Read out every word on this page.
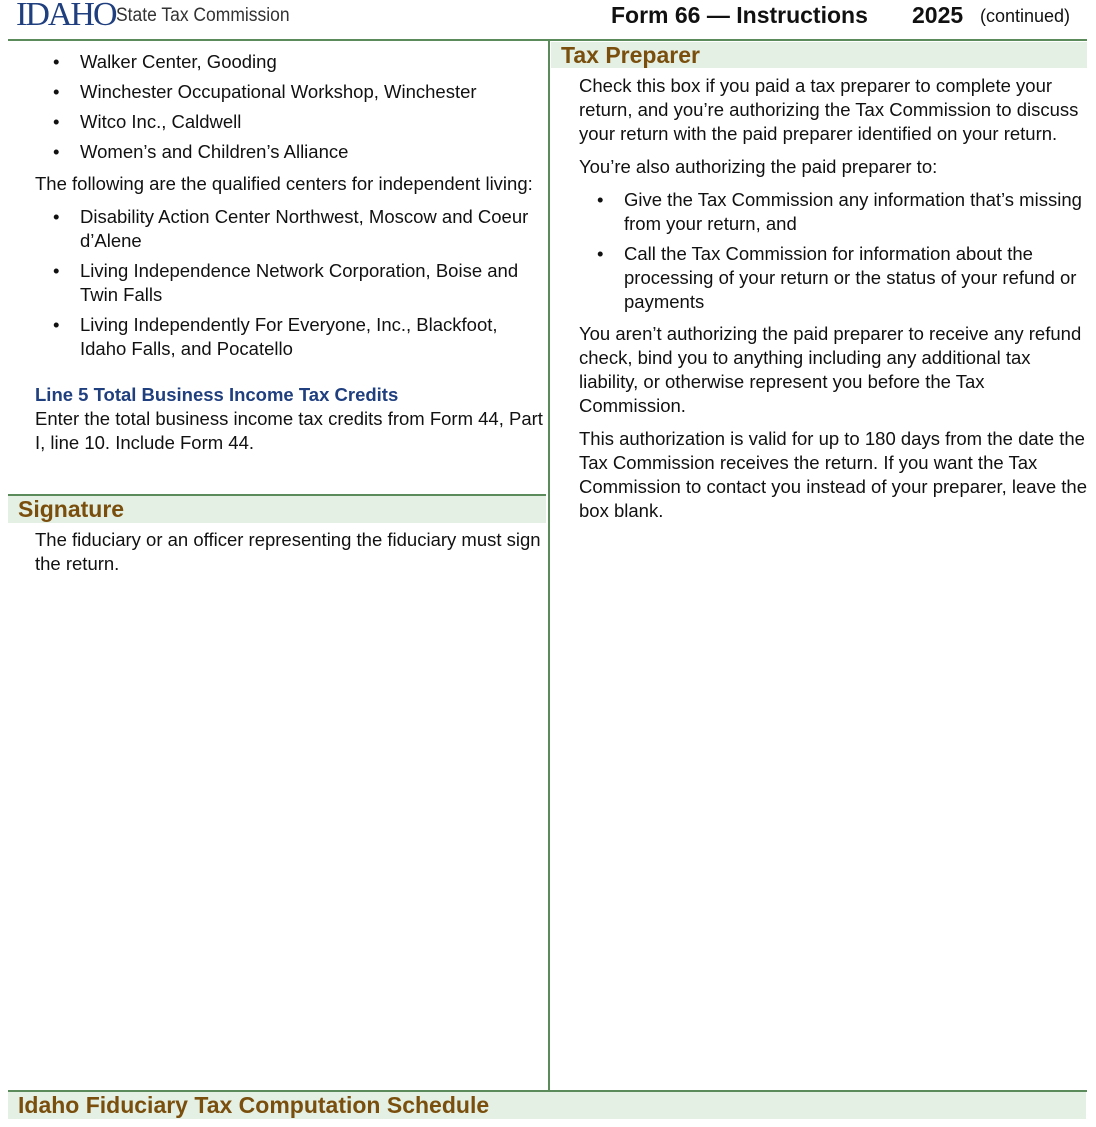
IDAHO State Tax Commission	Form 66 — Instructions 2025 (continued)
• Walker Center, Gooding
• Winchester Occupational Workshop, Winchester
• Witco Inc., Caldwell
• Women’s and Children’s Alliance

The following are the qualified centers for independent living:

• Disability Action Center Northwest, Moscow and Coeur d’Alene
• Living Independence Network Corporation, Boise and Twin Falls
• Living Independently For Everyone, Inc., Blackfoot, Idaho Falls, and Pocatello
Line 5 Total Business Income Tax Credits

Enter the total business income tax credits from Form 44, Part I, line 10. Include Form 44.

Signature

The fiduciary or an officer representing the fiduciary must sign the return.

Tax Preparer

Check this box if you paid a tax preparer to complete your return, and you’re authorizing the Tax Commission to discuss your return with the paid preparer identified on your return.

You’re also authorizing the paid preparer to:

• Give the Tax Commission any information that’s missing from your return, and
• Call the Tax Commission for information about the processing of your return or the status of your refund or payments

You aren’t authorizing the paid preparer to receive any refund check, bind you to anything including any additional tax liability, or otherwise represent you before the Tax Commission.

This authorization is valid for up to 180 days from the date the Tax Commission receives the return. If you want the Tax Commission to contact you instead of your preparer, leave the box blank.

Idaho Fiduciary Tax Computation Schedule
